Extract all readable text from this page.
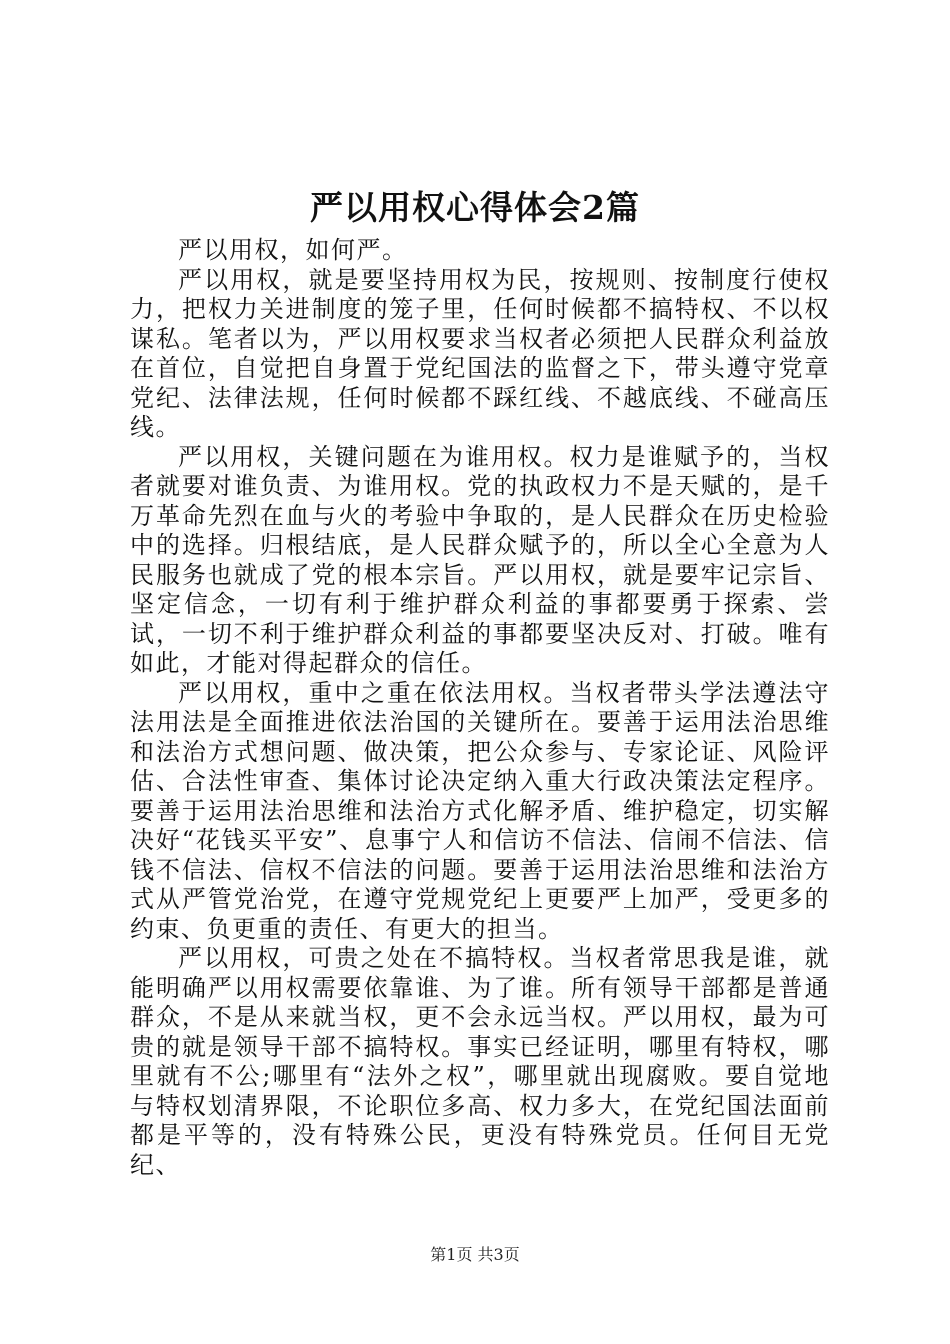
严以用权心得体会2篇

严以用权，如何严。

严以用权，就是要坚持用权为民，按规则、按制度行使权力，把权力关进制度的笼子里，任何时候都不搞特权、不以权谋私。笔者以为，严以用权要求当权者必须把人民群众利益放在首位，自觉把自身置于党纪国法的监督之下，带头遵守党章党纪、法律法规，任何时候都不踩红线、不越底线、不碰高压线。

严以用权，关键问题在为谁用权。权力是谁赋予的，当权者就要对谁负责、为谁用权。党的执政权力不是天赋的，是千万革命先烈在血与火的考验中争取的，是人民群众在历史检验中的选择。归根结底，是人民群众赋予的，所以全心全意为人民服务也就成了党的根本宗旨。严以用权，就是要牢记宗旨、坚定信念，一切有利于维护群众利益的事都要勇于探索、尝试，一切不利于维护群众利益的事都要坚决反对、打破。唯有如此，才能对得起群众的信任。

严以用权，重中之重在依法用权。当权者带头学法遵法守法用法是全面推进依法治国的关键所在。要善于运用法治思维和法治方式想问题、做决策，把公众参与、专家论证、风险评估、合法性审查、集体讨论决定纳入重大行政决策法定程序。要善于运用法治思维和法治方式化解矛盾、维护稳定，切实解决好“花钱买平安”、息事宁人和信访不信法、信闹不信法、信钱不信法、信权不信法的问题。要善于运用法治思维和法治方式从严管党治党，在遵守党规党纪上更要严上加严，受更多的约束、负更重的责任、有更大的担当。

严以用权，可贵之处在不搞特权。当权者常思我是谁，就能明确严以用权需要依靠谁、为了谁。所有领导干部都是普通群众，不是从来就当权，更不会永远当权。严以用权，最为可贵的就是领导干部不搞特权。事实已经证明，哪里有特权，哪里就有不公;哪里有“法外之权”，哪里就出现腐败。要自觉地与特权划清界限，不论职位多高、权力多大，在党纪国法面前都是平等的，没有特殊公民，更没有特殊党员。任何目无党纪、

第1页 共3页
